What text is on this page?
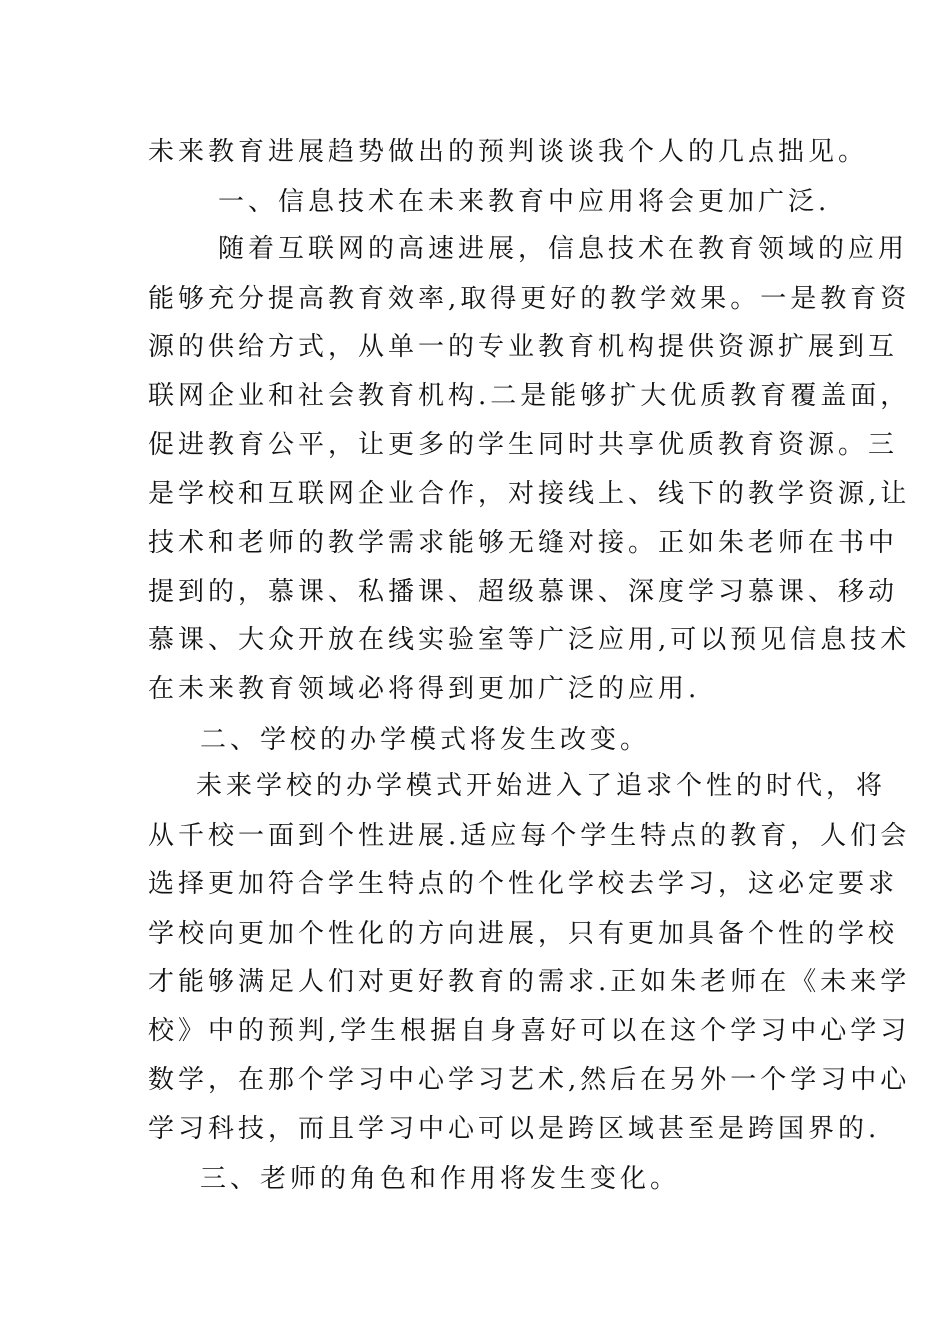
未来教育进展趋势做出的预判谈谈我个人的几点拙见。
一、信息技术在未来教育中应用将会更加广泛.
随着互联网的高速进展，信息技术在教育领域的应用
能够充分提高教育效率,取得更好的教学效果。一是教育资
源的供给方式，从单一的专业教育机构提供资源扩展到互
联网企业和社会教育机构.二是能够扩大优质教育覆盖面，
促进教育公平，让更多的学生同时共享优质教育资源。三
是学校和互联网企业合作，对接线上、线下的教学资源,让
技术和老师的教学需求能够无缝对接。正如朱老师在书中
提到的，慕课、私播课、超级慕课、深度学习慕课、移动
慕课、大众开放在线实验室等广泛应用,可以预见信息技术
在未来教育领域必将得到更加广泛的应用.
二、学校的办学模式将发生改变。
未来学校的办学模式开始进入了追求个性的时代，将
从千校一面到个性进展.适应每个学生特点的教育，人们会
选择更加符合学生特点的个性化学校去学习，这必定要求
学校向更加个性化的方向进展，只有更加具备个性的学校
才能够满足人们对更好教育的需求.正如朱老师在《未来学
校》中的预判,学生根据自身喜好可以在这个学习中心学习
数学，在那个学习中心学习艺术,然后在另外一个学习中心
学习科技，而且学习中心可以是跨区域甚至是跨国界的.
三、老师的角色和作用将发生变化。
